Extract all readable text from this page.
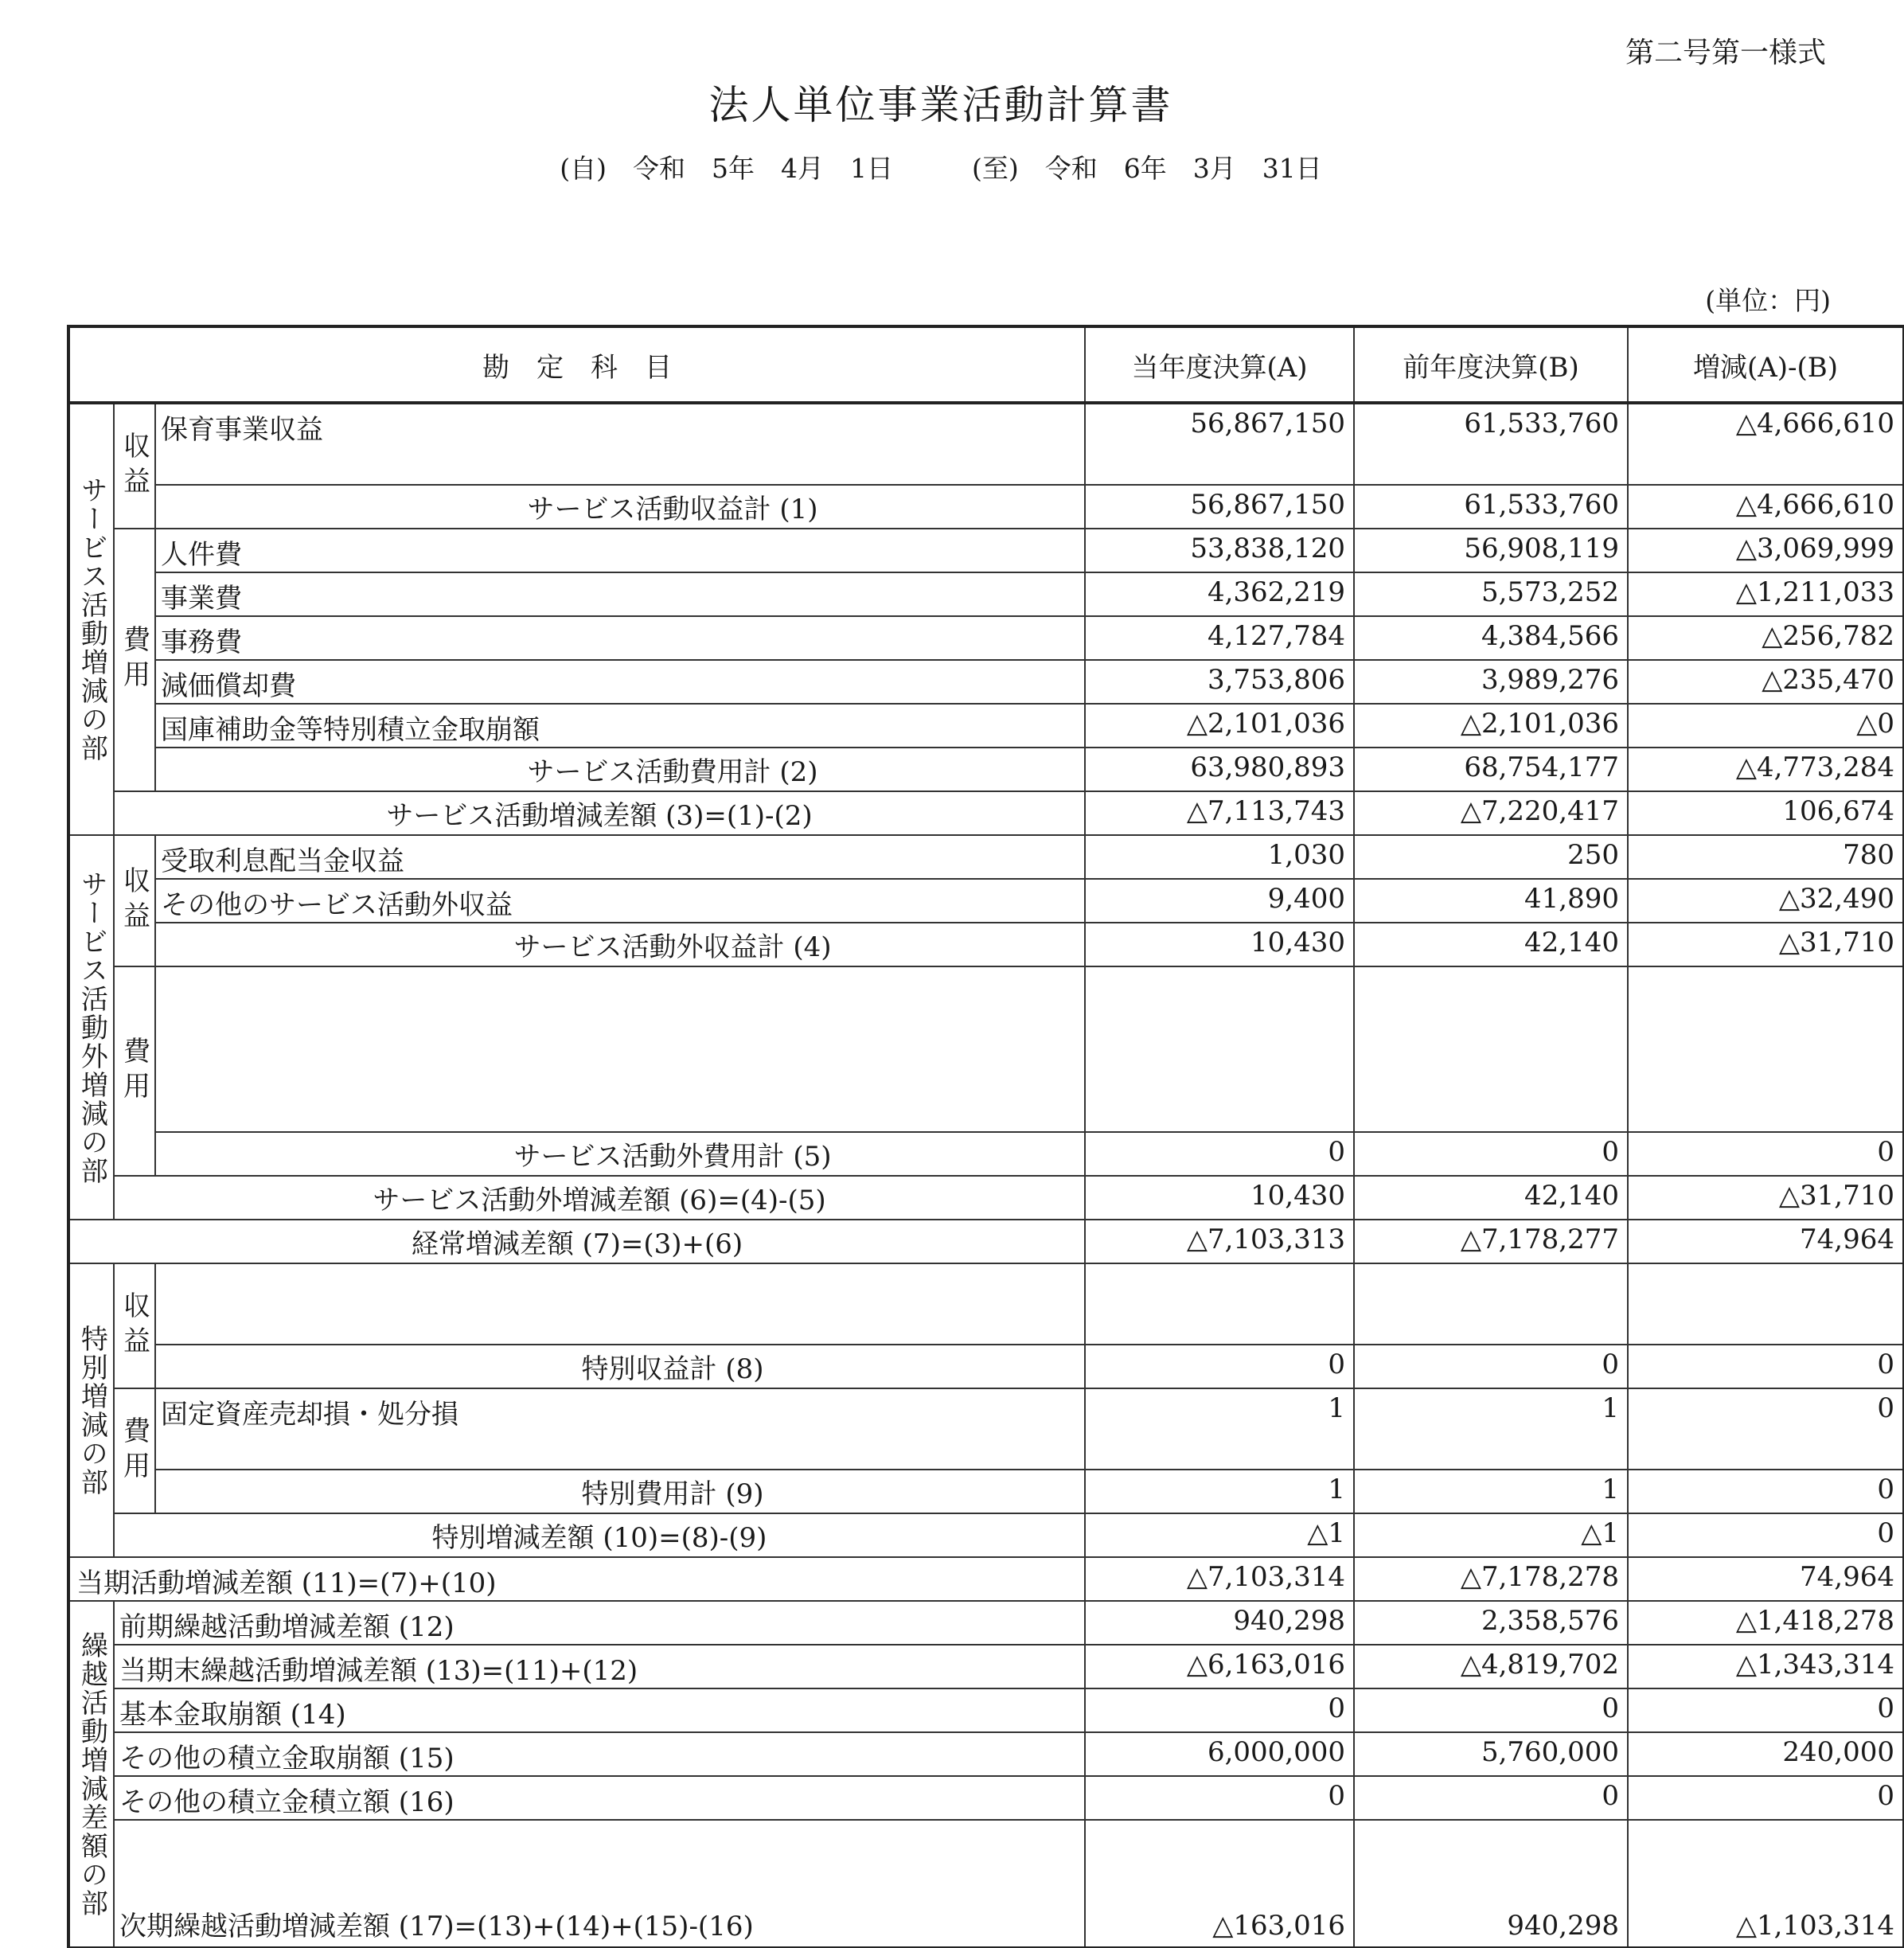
第二号第一様式
法人単位事業活動計算書
(自)　令和　5年　4月　1日　　　(至)　令和　6年　3月　31日
(単位：円)
勘　定　科　目			当年度決算(A)	前年度決算(B)	増減(A)-(B)
サービス活動増減の部	収益	保育事業収益	56,867,150	61,533,760	△4,666,610
		サービス活動収益計 (1)	56,867,150	61,533,760	△4,666,610
	費用	人件費	53,838,120	56,908,119	△3,069,999
		事業費	4,362,219	5,573,252	△1,211,033
		事務費	4,127,784	4,384,566	△256,782
		減価償却費	3,753,806	3,989,276	△235,470
		国庫補助金等特別積立金取崩額	△2,101,036	△2,101,036	△0
		サービス活動費用計 (2)	63,980,893	68,754,177	△4,773,284
	サービス活動増減差額 (3)=(1)-(2)		△7,113,743	△7,220,417	106,674
サービス活動外増減の部	収益	受取利息配当金収益	1,030	250	780
		その他のサービス活動外収益	9,400	41,890	△32,490
		サービス活動外収益計 (4)	10,430	42,140	△31,710
	費用				
		サービス活動外費用計 (5)	0	0	0
	サービス活動外増減差額 (6)=(4)-(5)		10,430	42,140	△31,710
経常増減差額 (7)=(3)+(6)			△7,103,313	△7,178,277	74,964
特別増減の部	収益				
		特別収益計 (8)	0	0	0
	費用	固定資産売却損・処分損	1	1	0
		特別費用計 (9)	1	1	0
	特別増減差額 (10)=(8)-(9)		△1	△1	0
当期活動増減差額 (11)=(7)+(10)			△7,103,314	△7,178,278	74,964
繰越活動増減差額の部	前期繰越活動増減差額 (12)		940,298	2,358,576	△1,418,278
	当期末繰越活動増減差額 (13)=(11)+(12)		△6,163,016	△4,819,702	△1,343,314
	基本金取崩額 (14)		0	0	0
	その他の積立金取崩額 (15)		6,000,000	5,760,000	240,000
	その他の積立金積立額 (16)		0	0	0
	次期繰越活動増減差額 (17)=(13)+(14)+(15)-(16)		△163,016	940,298	△1,103,314
